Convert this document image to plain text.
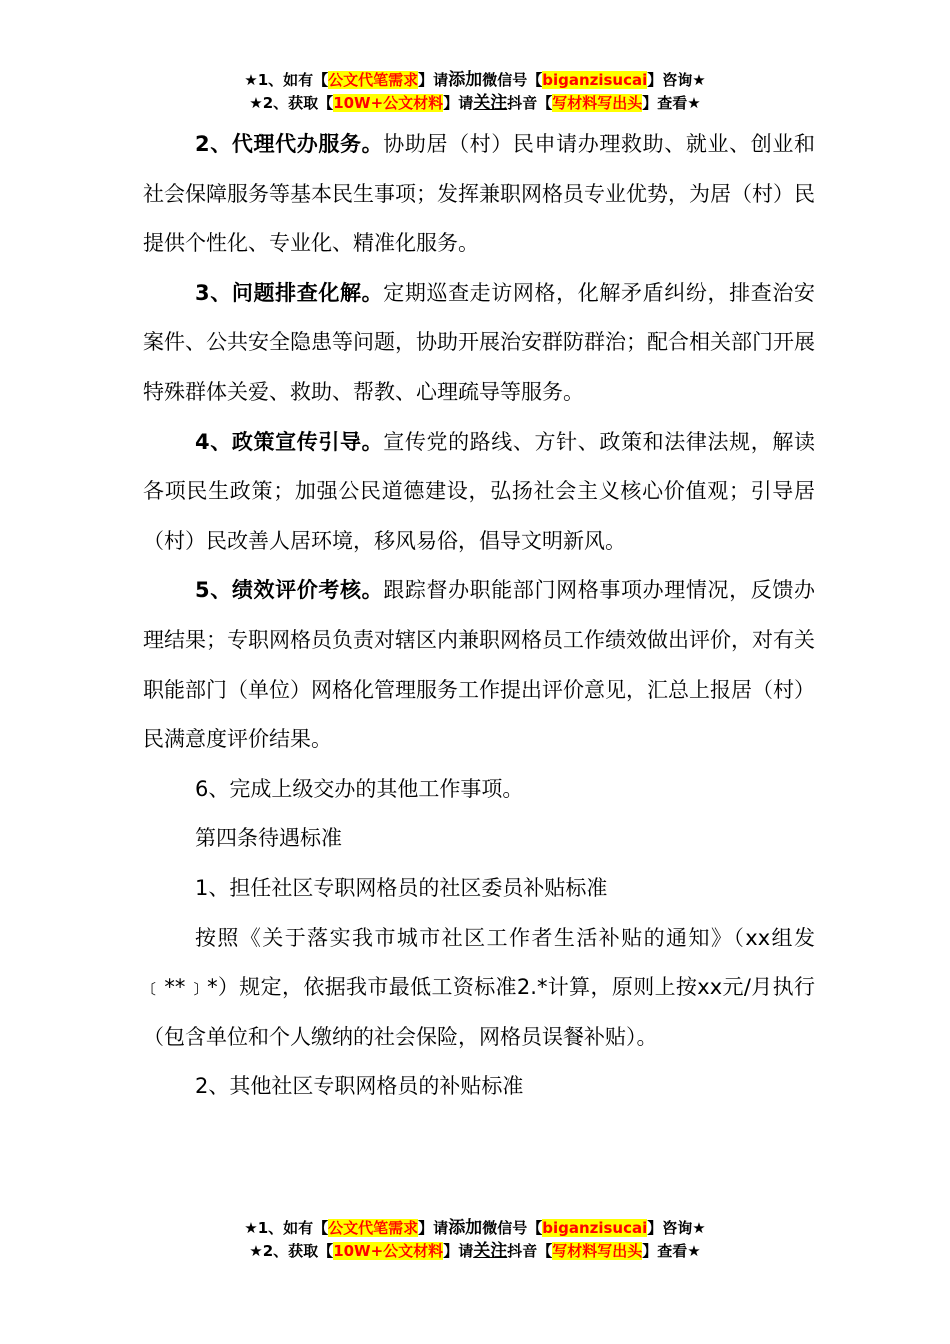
★1、如有【公文代笔需求】请添加微信号【biganzisucai】咨询★
★2、获取【10W+公文材料】请关注抖音【写材料写出头】查看★

2、代理代办服务。协助居（村）民申请办理救助、就业、创业和社会保障服务等基本民生事项；发挥兼职网格员专业优势，为居（村）民提供个性化、专业化、精准化服务。

3、问题排查化解。定期巡查走访网格，化解矛盾纠纷，排查治安案件、公共安全隐患等问题，协助开展治安群防群治；配合相关部门开展特殊群体关爱、救助、帮教、心理疏导等服务。

4、政策宣传引导。宣传党的路线、方针、政策和法律法规，解读各项民生政策；加强公民道德建设，弘扬社会主义核心价值观；引导居（村）民改善人居环境，移风易俗，倡导文明新风。

5、绩效评价考核。跟踪督办职能部门网格事项办理情况，反馈办理结果；专职网格员负责对辖区内兼职网格员工作绩效做出评价，对有关职能部门（单位）网格化管理服务工作提出评价意见，汇总上报居（村）民满意度评价结果。

6、完成上级交办的其他工作事项。

第四条待遇标准

1、担任社区专职网格员的社区委员补贴标准

按照《关于落实我市城市社区工作者生活补贴的通知》（xx组发﹝**﹞*）规定，依据我市最低工资标准2.*计算，原则上按xx元/月执行（包含单位和个人缴纳的社会保险，网格员误餐补贴）。

2、其他社区专职网格员的补贴标准

★1、如有【公文代笔需求】请添加微信号【biganzisucai】咨询★
★2、获取【10W+公文材料】请关注抖音【写材料写出头】查看★
